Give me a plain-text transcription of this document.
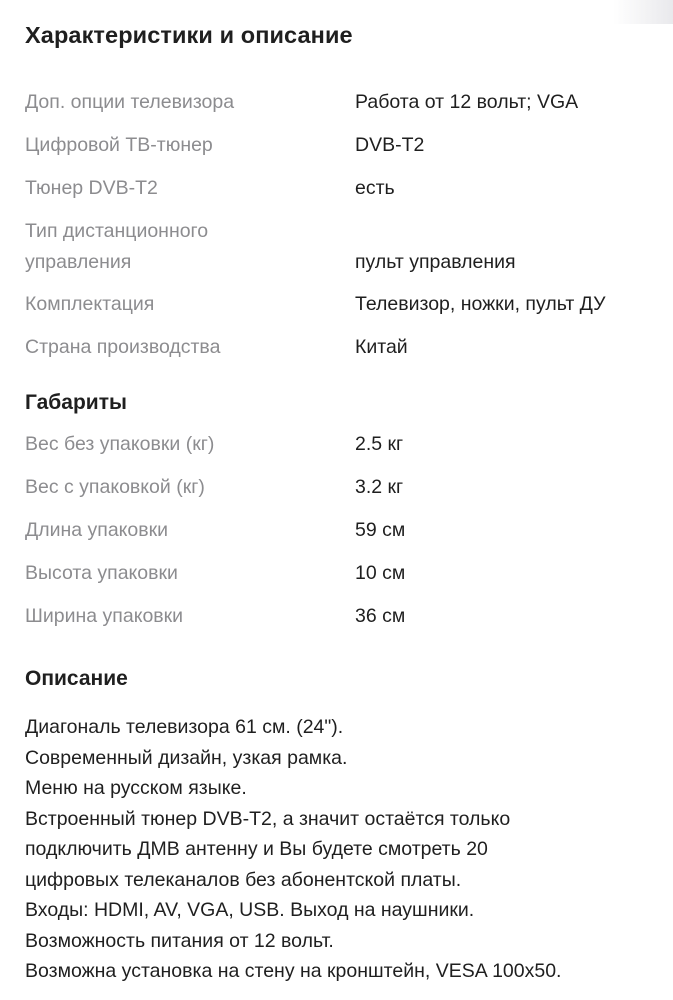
Характеристики и описание
Доп. опции телевизора	Работа от 12 вольт; VGA
Цифровой ТВ-тюнер	DVB-T2
Тюнер DVB-T2	есть
Тип дистанционного управления	пульт управления
Комплектация	Телевизор, ножки, пульт ДУ
Страна производства	Китай
Габариты
Вес без упаковки (кг)	2.5 кг
Вес с упаковкой (кг)	3.2 кг
Длина упаковки	59 см
Высота упаковки	10 см
Ширина упаковки	36 см
Описание
Диагональ телевизора 61 см. (24").
Современный дизайн, узкая рамка.
Меню на русском языке.
Встроенный тюнер DVB-T2, а значит остаётся только
подключить ДМВ антенну и Вы будете смотреть 20
цифровых телеканалов без абонентской платы.
Входы: HDMI, AV, VGA, USB. Выход на наушники.
Возможность питания от 12 вольт.
Возможна установка на стену на кронштейн, VESA 100x50.
